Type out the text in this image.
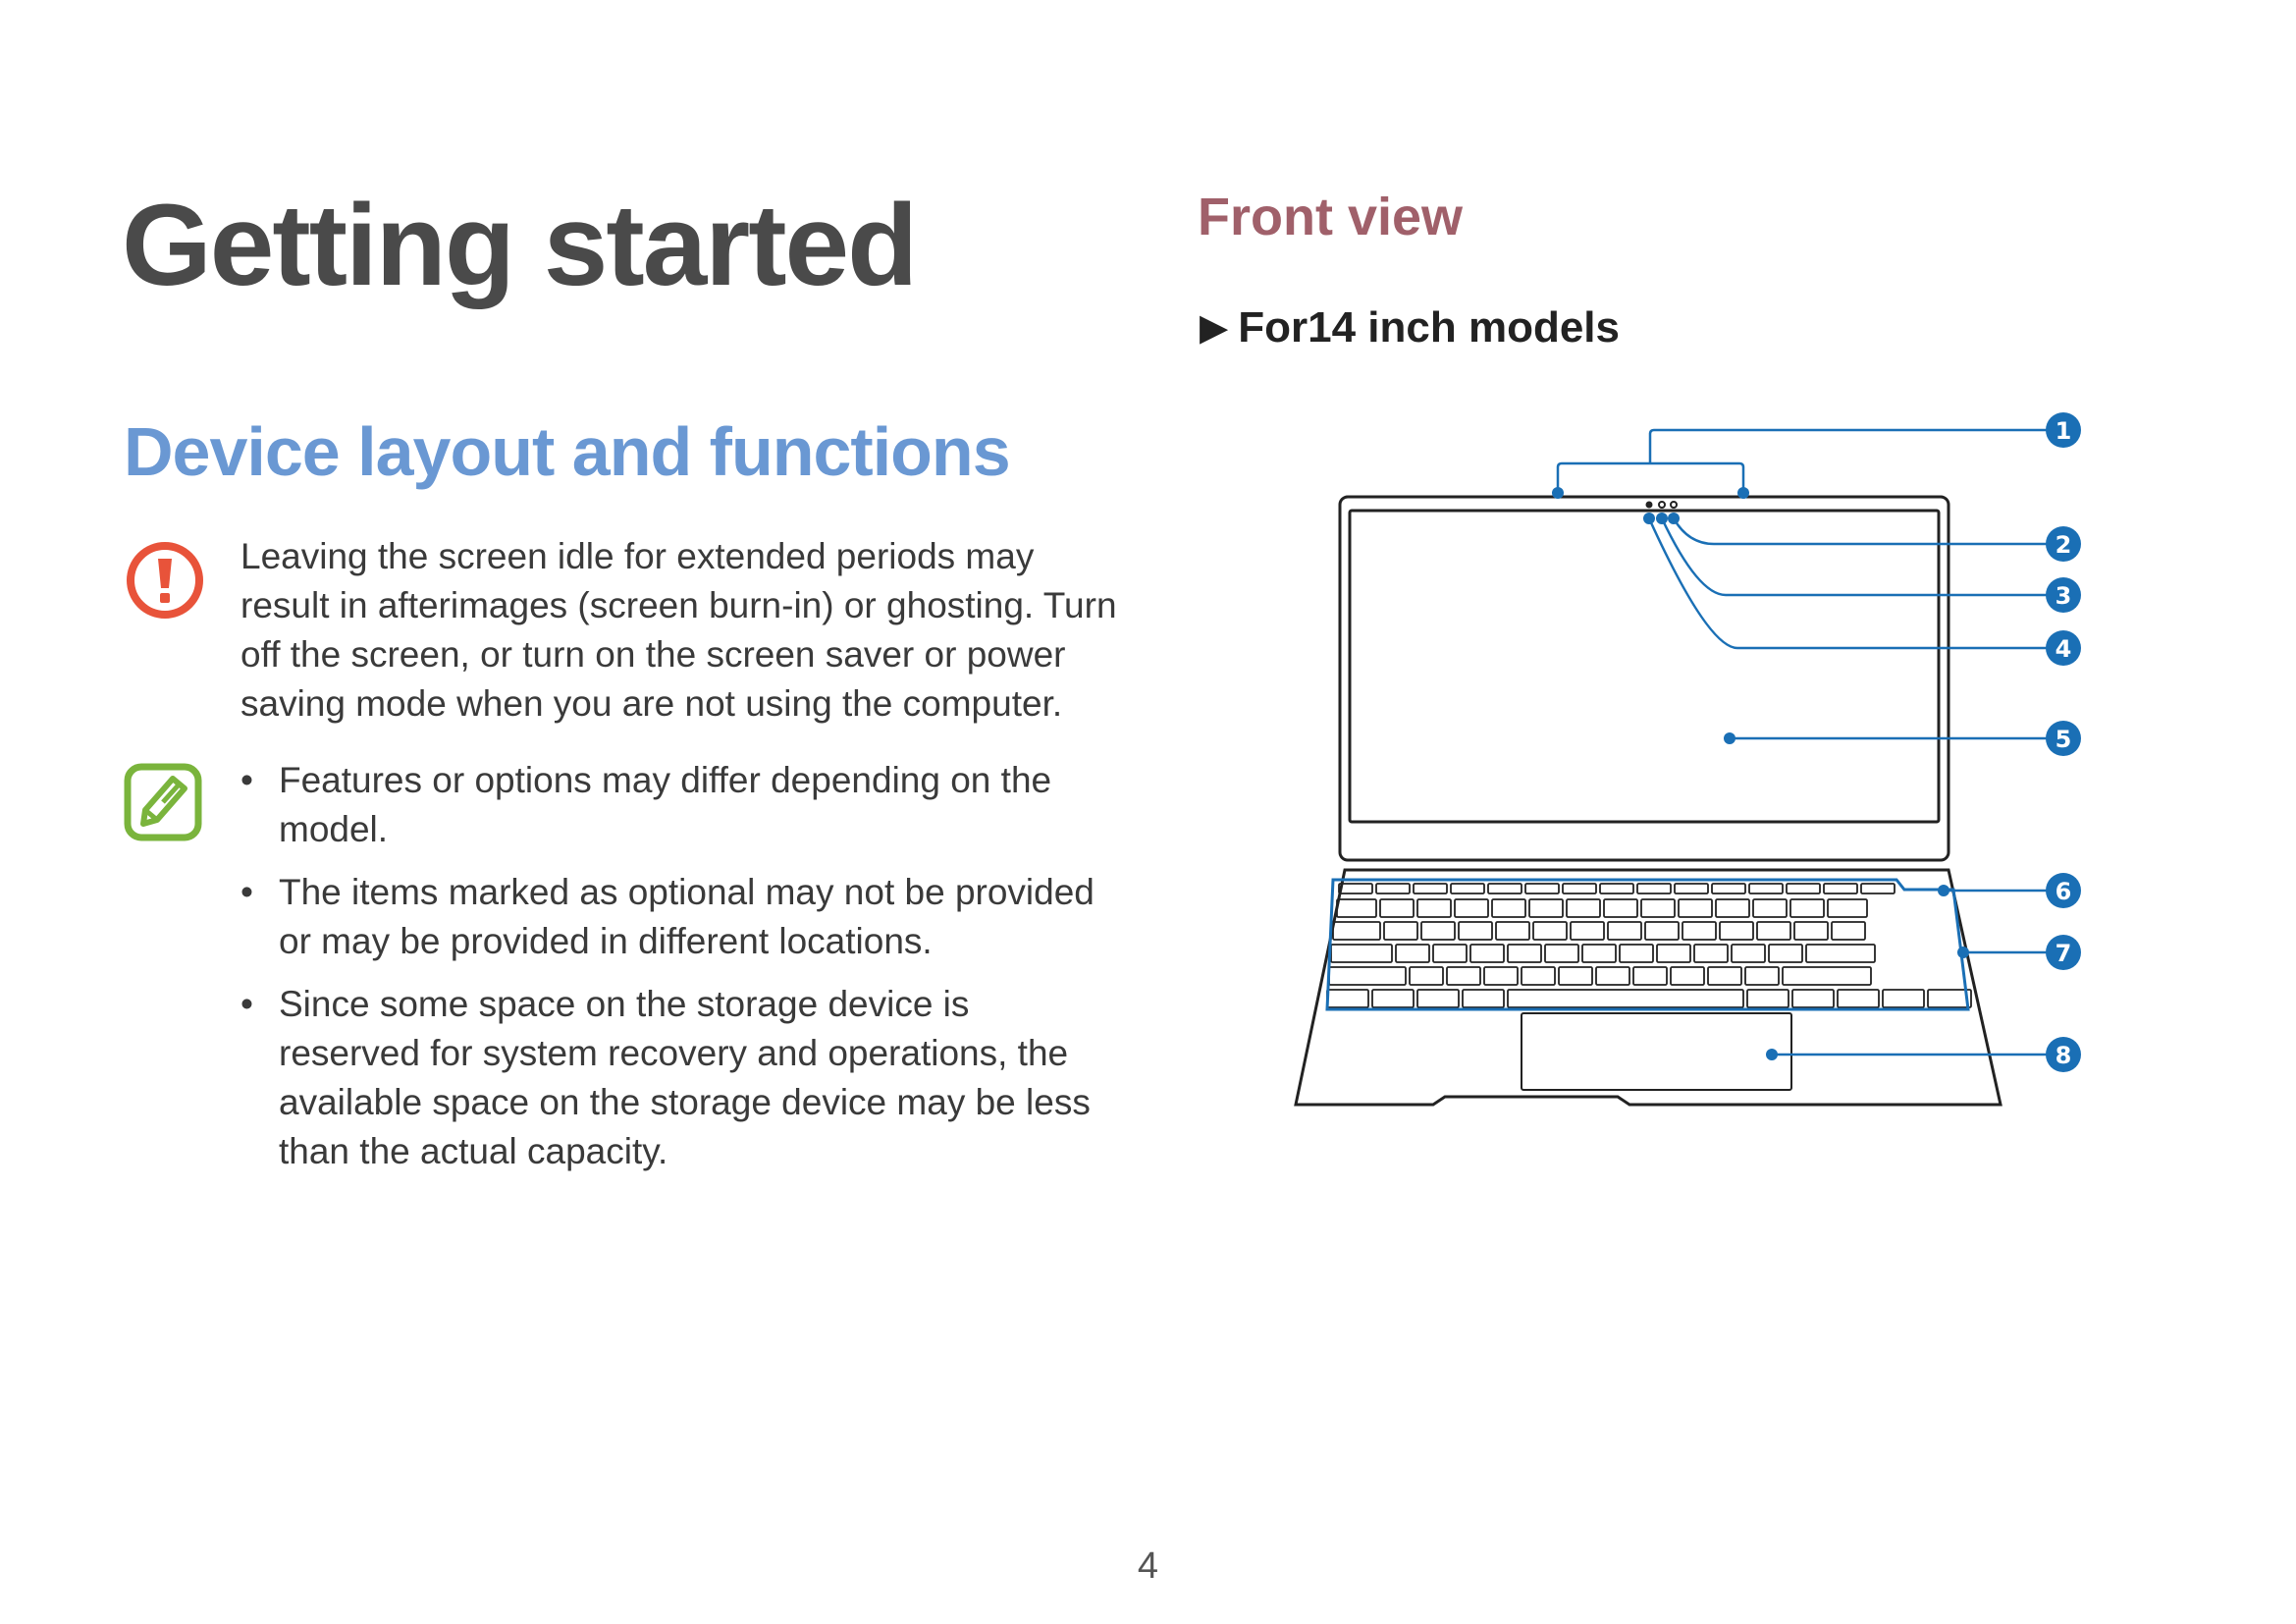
Getting started
Device layout and functions

Leaving the screen idle for extended periods may result in afterimages (screen burn-in) or ghosting. Turn off the screen, or turn on the screen saver or power saving mode when you are not using the computer.

• Features or options may differ depending on the model.
• The items marked as optional may not be provided or may be provided in different locations.
• Since some space on the storage device is reserved for system recovery and operations, the available space on the storage device may be less than the actual capacity.
Front view
▶ For14 inch models
1
2
3
4
5
6
7
8
4
